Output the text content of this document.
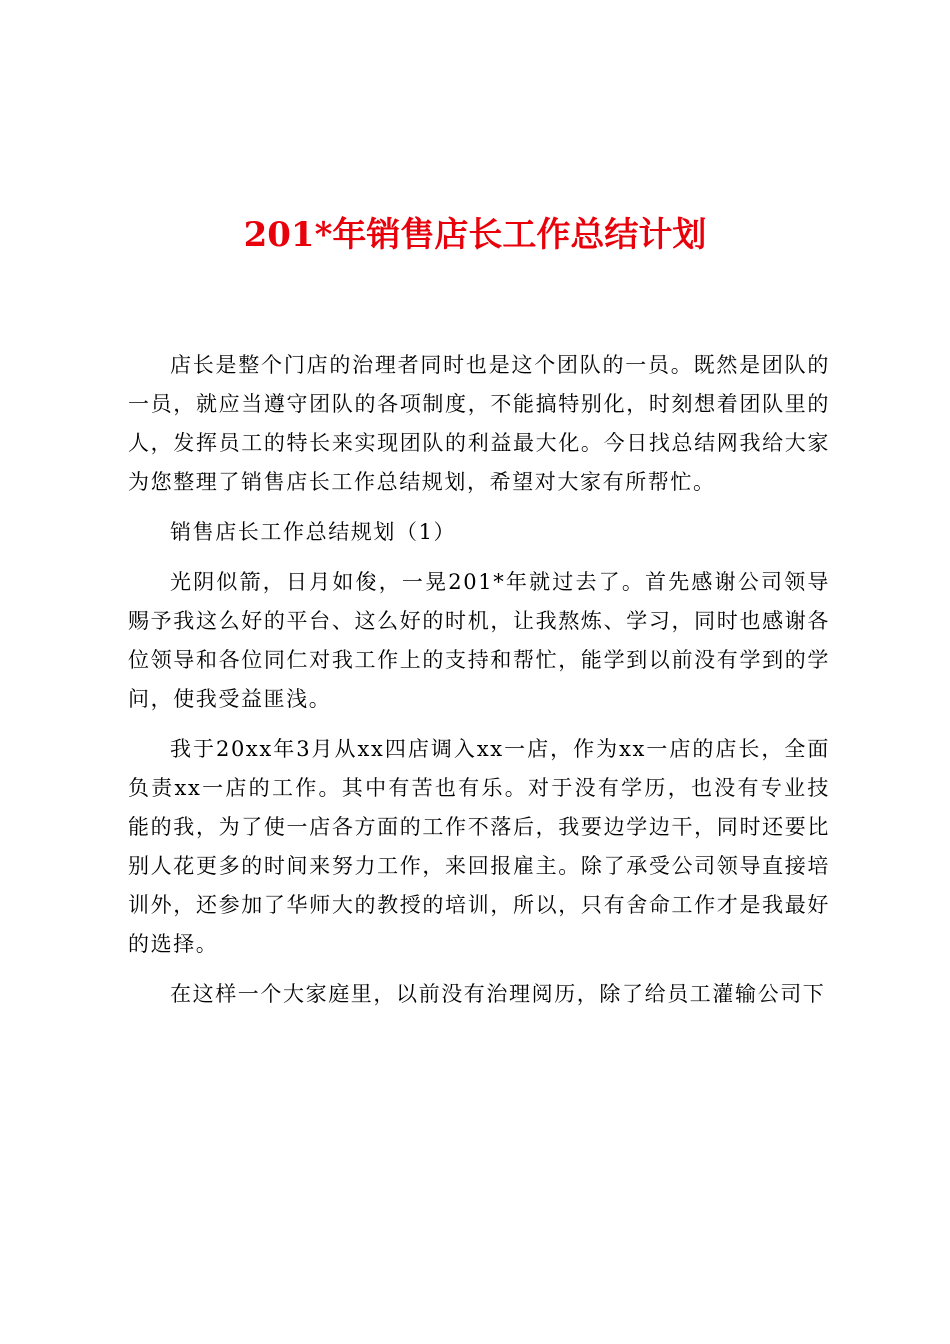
201*年销售店长工作总结计划

店长是整个门店的治理者同时也是这个团队的一员。既然是团队的一员，就应当遵守团队的各项制度，不能搞特别化，时刻想着团队里的人，发挥员工的特长来实现团队的利益最大化。今日找总结网我给大家为您整理了销售店长工作总结规划，希望对大家有所帮忙。

销售店长工作总结规划（1）

光阴似箭，日月如俊，一晃201*年就过去了。首先感谢公司领导赐予我这么好的平台、这么好的时机，让我熬炼、学习，同时也感谢各位领导和各位同仁对我工作上的支持和帮忙，能学到以前没有学到的学问，使我受益匪浅。

我于20xx年3月从xx四店调入xx一店，作为xx一店的店长，全面负责xx一店的工作。其中有苦也有乐。对于没有学历，也没有专业技能的我，为了使一店各方面的工作不落后，我要边学边干，同时还要比别人花更多的时间来努力工作，来回报雇主。除了承受公司领导直接培训外，还参加了华师大的教授的培训，所以，只有舍命工作才是我最好的选择。

在这样一个大家庭里，以前没有治理阅历，除了给员工灌输公司下
